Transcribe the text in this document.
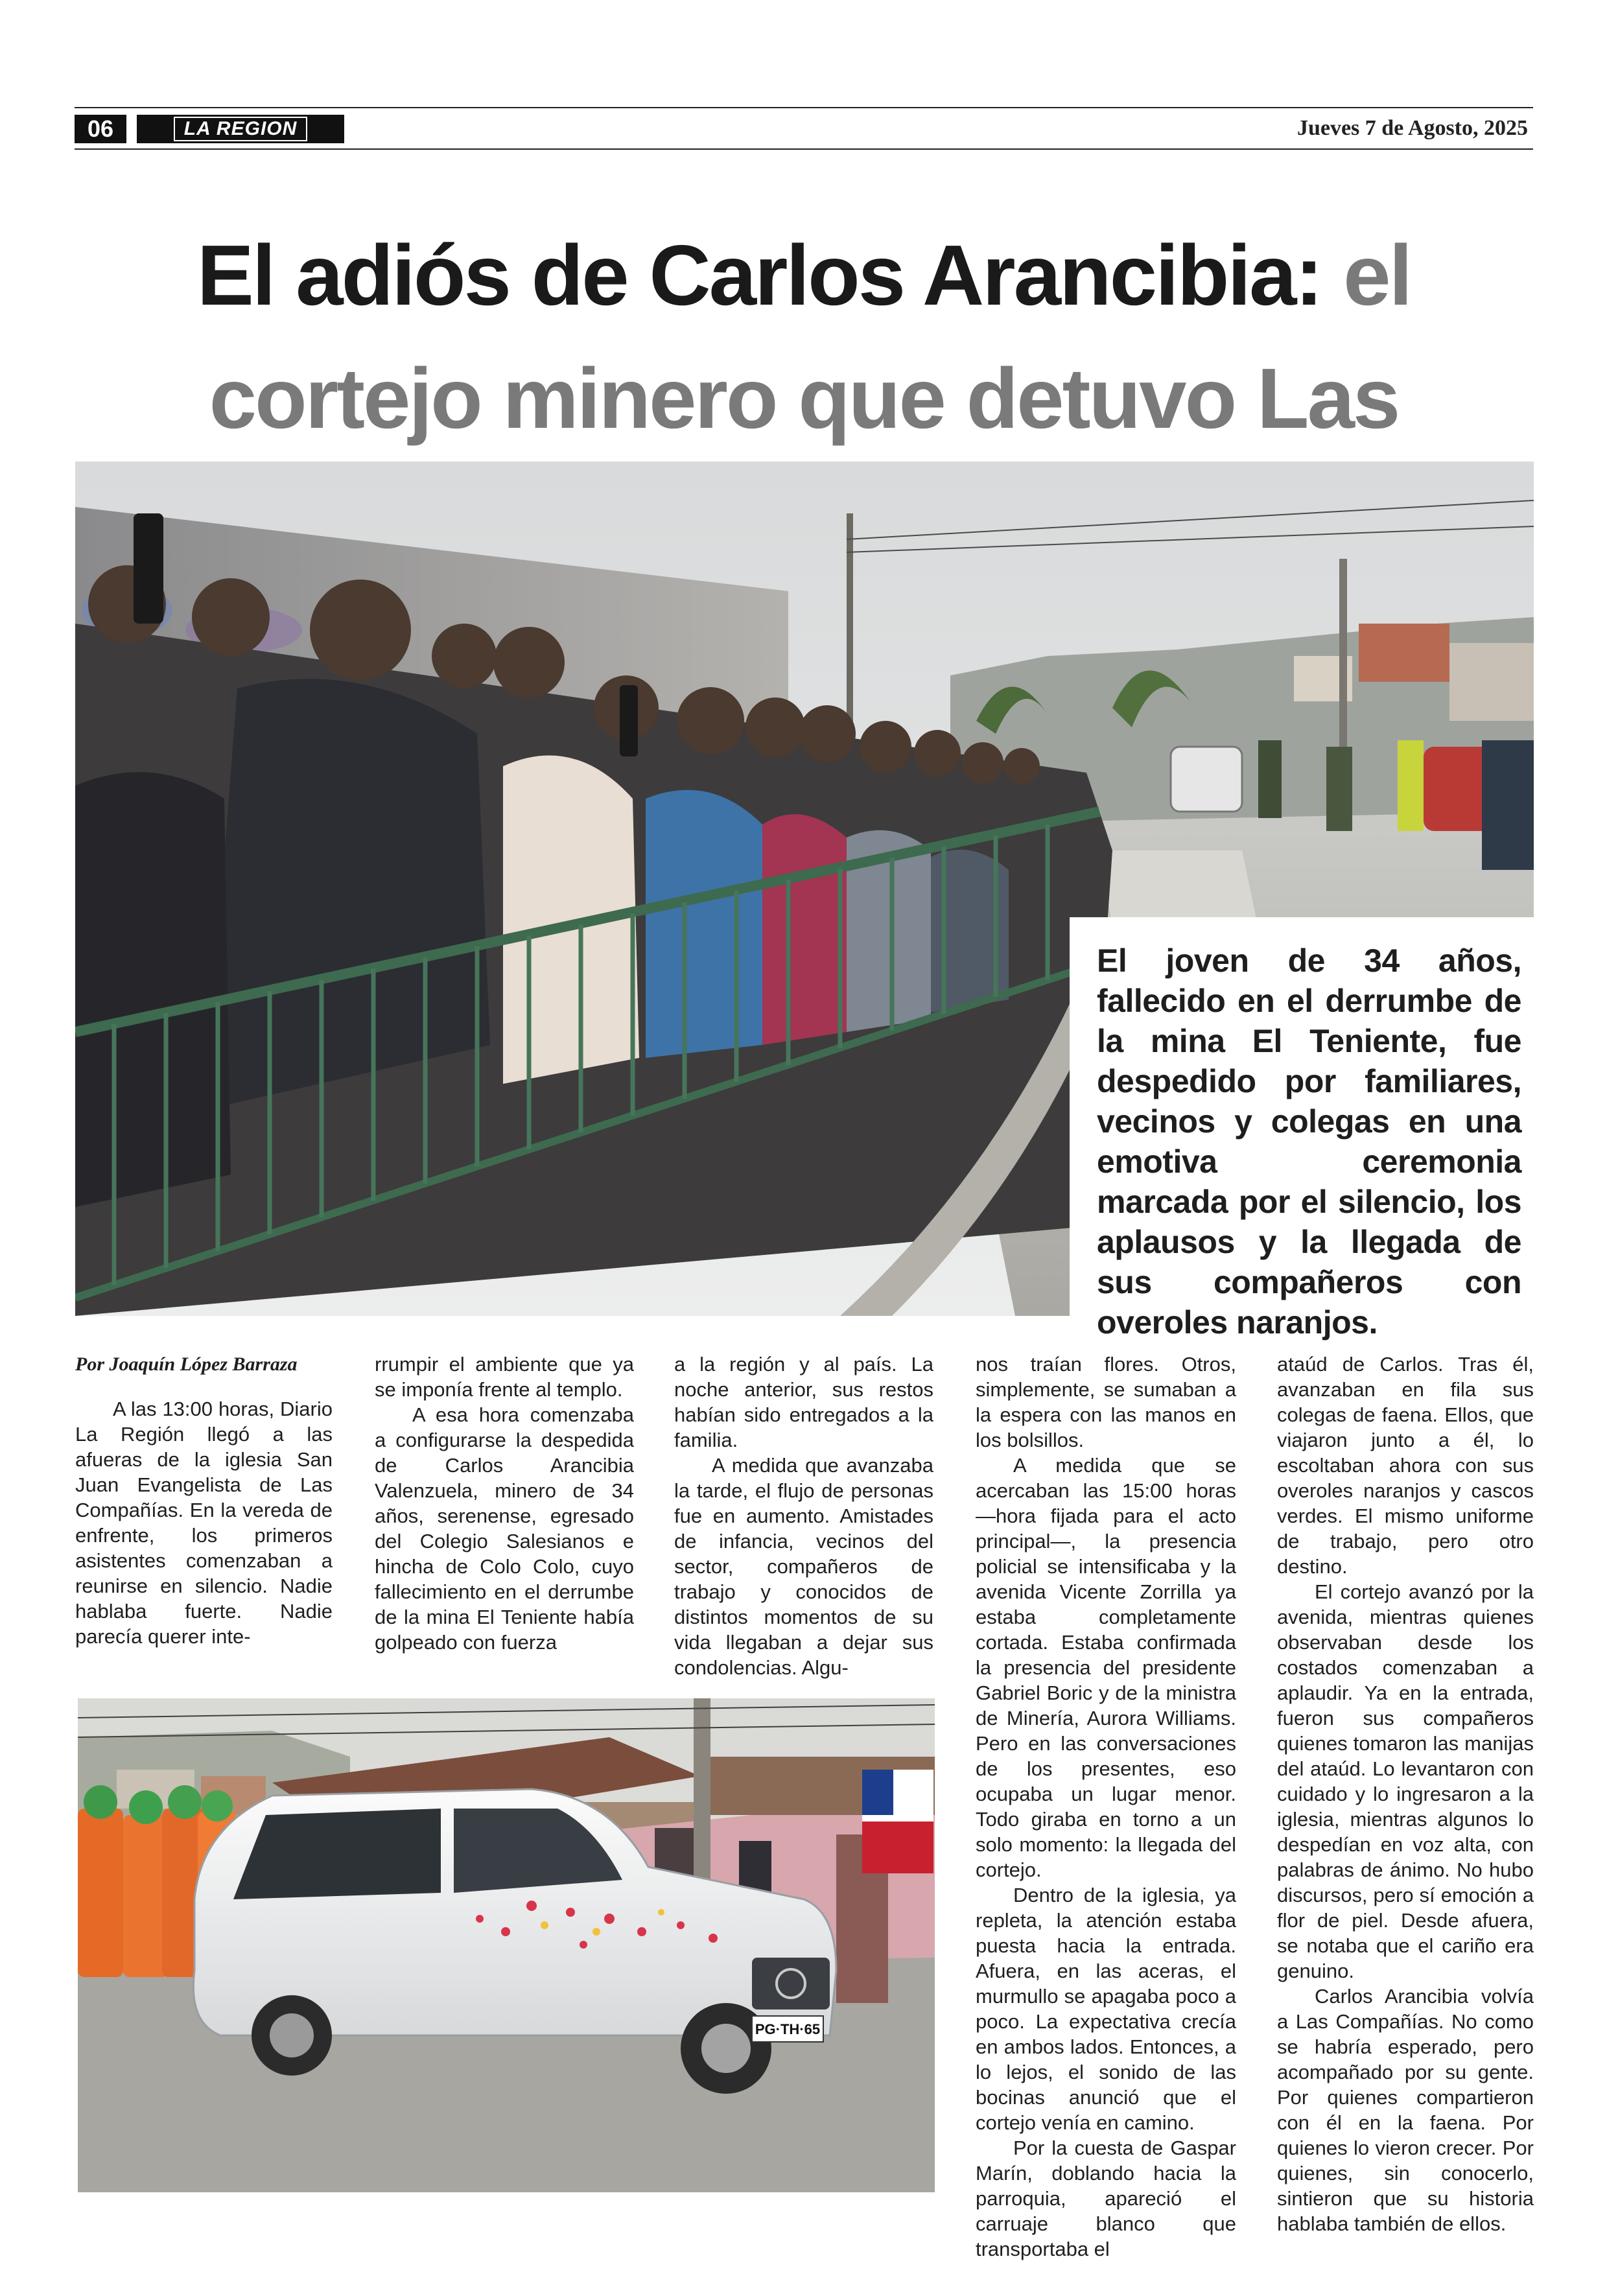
06	LA REGION	Jueves 7 de Agosto, 2025
El adiós de Carlos Arancibia: el cortejo minero que detuvo Las
El joven de 34 años, fallecido en el derrumbe de la mina El Teniente, fue despedido por familiares, vecinos y colegas en una emotiva ceremonia marcada por el silencio, los aplausos y la llegada de sus compañeros con overoles naranjos.
Por Joaquín López Barraza

A las 13:00 horas, Diario La Región llegó a las afueras de la iglesia San Juan Evangelista de Las Compañías. En la vereda de enfrente, los primeros asistentes comenzaban a reunirse en silencio. Nadie hablaba fuerte. Nadie parecía querer inte-

rrumpir el ambiente que ya se imponía frente al templo.

A esa hora comenzaba a configurarse la despedida de Carlos Arancibia Valenzuela, minero de 34 años, serenense, egresado del Colegio Salesianos e hincha de Colo Colo, cuyo fallecimiento en el derrumbe de la mina El Teniente había golpeado con fuerza

a la región y al país. La noche anterior, sus restos habían sido entregados a la familia.

A medida que avanzaba la tarde, el flujo de personas fue en aumento. Amistades de infancia, vecinos del sector, compañeros de trabajo y conocidos de distintos momentos de su vida llegaban a dejar sus condolencias. Algu-

nos traían flores. Otros, simplemente, se sumaban a la espera con las manos en los bolsillos.

A medida que se acercaban las 15:00 horas —hora fijada para el acto principal—, la presencia policial se intensificaba y la avenida Vicente Zorrilla ya estaba completamente cortada. Estaba confirmada la presencia del presidente Gabriel Boric y de la ministra de Minería, Aurora Williams. Pero en las conversaciones de los presentes, eso ocupaba un lugar menor. Todo giraba en torno a un solo momento: la llegada del cortejo.

Dentro de la iglesia, ya repleta, la atención estaba puesta hacia la entrada. Afuera, en las aceras, el murmullo se apagaba poco a poco. La expectativa crecía en ambos lados. Entonces, a lo lejos, el sonido de las bocinas anunció que el cortejo venía en camino.

Por la cuesta de Gaspar Marín, doblando hacia la parroquia, apareció el carruaje blanco que transportaba el

ataúd de Carlos. Tras él, avanzaban en fila sus colegas de faena. Ellos, que viajaron junto a él, lo escoltaban ahora con sus overoles naranjos y cascos verdes. El mismo uniforme de trabajo, pero otro destino.

El cortejo avanzó por la avenida, mientras quienes observaban desde los costados comenzaban a aplaudir. Ya en la entrada, fueron sus compañeros quienes tomaron las manijas del ataúd. Lo levantaron con cuidado y lo ingresaron a la iglesia, mientras algunos lo despedían en voz alta, con palabras de ánimo. No hubo discursos, pero sí emoción a flor de piel. Desde afuera, se notaba que el cariño era genuino.

Carlos Arancibia volvía a Las Compañías. No como se habría esperado, pero acompañado por su gente. Por quienes compartieron con él en la faena. Por quienes lo vieron crecer. Por quienes, sin conocerlo, sintieron que su historia hablaba también de ellos.

PG·TH·65
